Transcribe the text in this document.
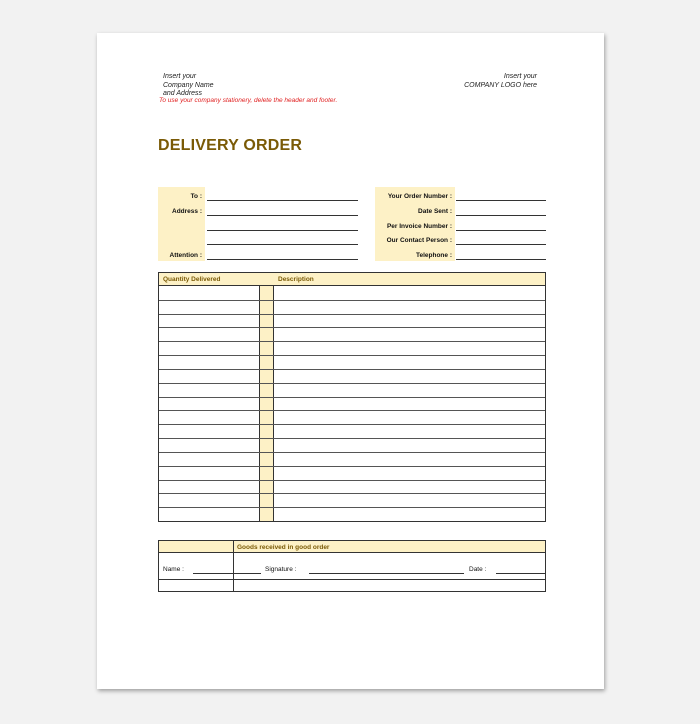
Insert your
Company Name
and Address
Insert your
COMPANY LOGO here
To use your company stationery, delete the header and footer.
DELIVERY ORDER
To :
Address :
Attention :
Your Order Number :
Date Sent :
Per Invoice Number :
Our Contact Person :
Telephone :
Quantity Delivered	Description
Goods received in good order
Name :	Signature :	Date :
